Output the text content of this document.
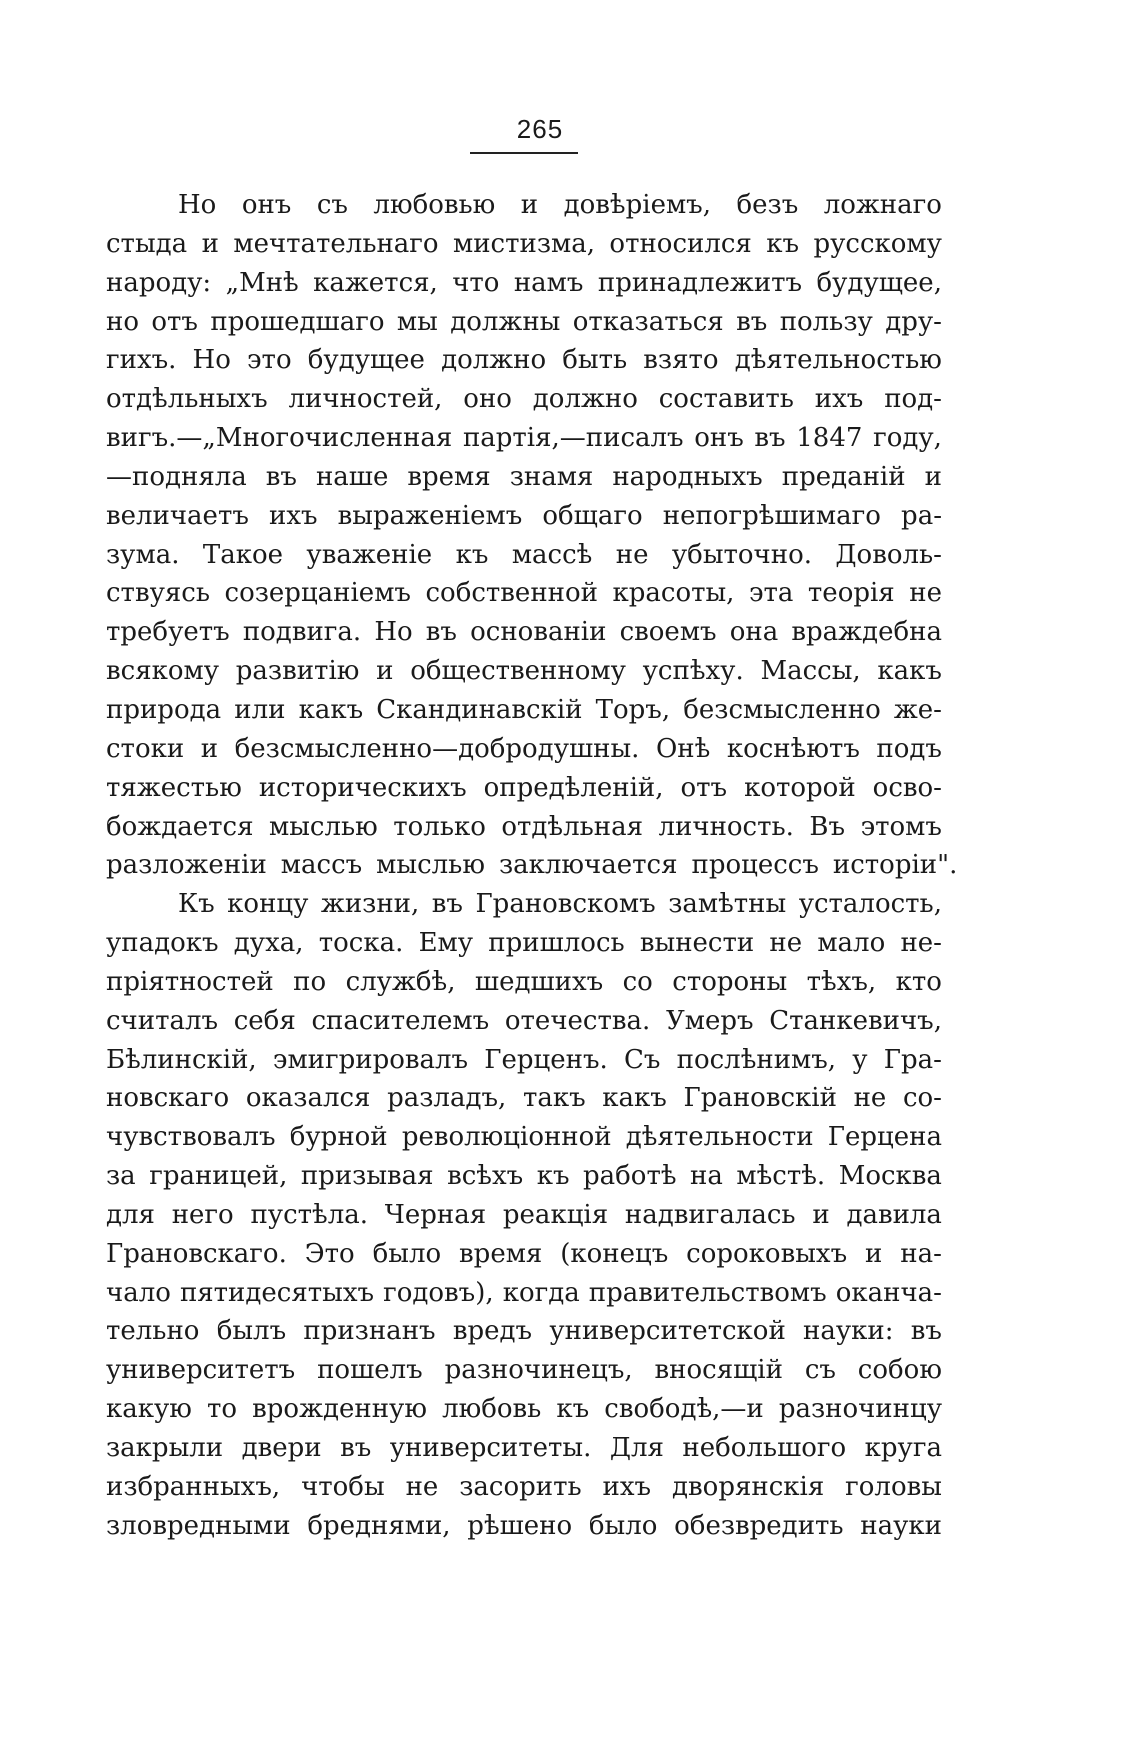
265
Но онъ съ любовью и довѣріемъ, безъ ложнаго
стыда и мечтательнаго мистизма, относился къ русскому
народу: „Мнѣ кажется, что намъ принадлежитъ будущее,
но отъ прошедшаго мы должны отказаться въ пользу дру-
гихъ. Но это будущее должно быть взято дѣятельностью
отдѣльныхъ личностей, оно должно составить ихъ под-
вигъ.—„Многочисленная партія,—писалъ онъ въ 1847 году,
—подняла въ наше время знамя народныхъ преданій и
величаетъ ихъ выраженіемъ общаго непогрѣшимаго ра-
зума. Такое уваженіе къ массѣ не убыточно. Доволь-
ствуясь созерцаніемъ собственной красоты, эта теорія не
требуетъ подвига. Но въ основаніи своемъ она враждебна
всякому развитію и общественному успѣху. Массы, какъ
природа или какъ Скандинавскій Торъ, безсмысленно же-
стоки и безсмысленно—добродушны. Онѣ коснѣютъ подъ
тяжестью историческихъ опредѣленій, отъ которой осво-
бождается мыслью только отдѣльная личность. Въ этомъ
разложеніи массъ мыслью заключается процессъ исторіи".
Къ концу жизни, въ Грановскомъ замѣтны усталость,
упадокъ духа, тоска. Ему пришлось вынести не мало не-
пріятностей по службѣ, шедшихъ со стороны тѣхъ, кто
считалъ себя спасителемъ отечества. Умеръ Станкевичъ,
Бѣлинскій, эмигрировалъ Герценъ. Съ послѣнимъ, у Гра-
новскаго оказался разладъ, такъ какъ Грановскій не со-
чувствовалъ бурной революціонной дѣятельности Герцена
за границей, призывая всѣхъ къ работѣ на мѣстѣ. Москва
для него пустѣла. Черная реакція надвигалась и давила
Грановскаго. Это было время (конецъ сороковыхъ и на-
чало пятидесятыхъ годовъ), когда правительствомъ оканча-
тельно былъ признанъ вредъ университетской науки: въ
университетъ пошелъ разночинецъ, вносящій съ собою
какую то врожденную любовь къ свободѣ,—и разночинцу
закрыли двери въ университеты. Для небольшого круга
избранныхъ, чтобы не засорить ихъ дворянскія головы
зловредными бреднями, рѣшено было обезвредить науки
